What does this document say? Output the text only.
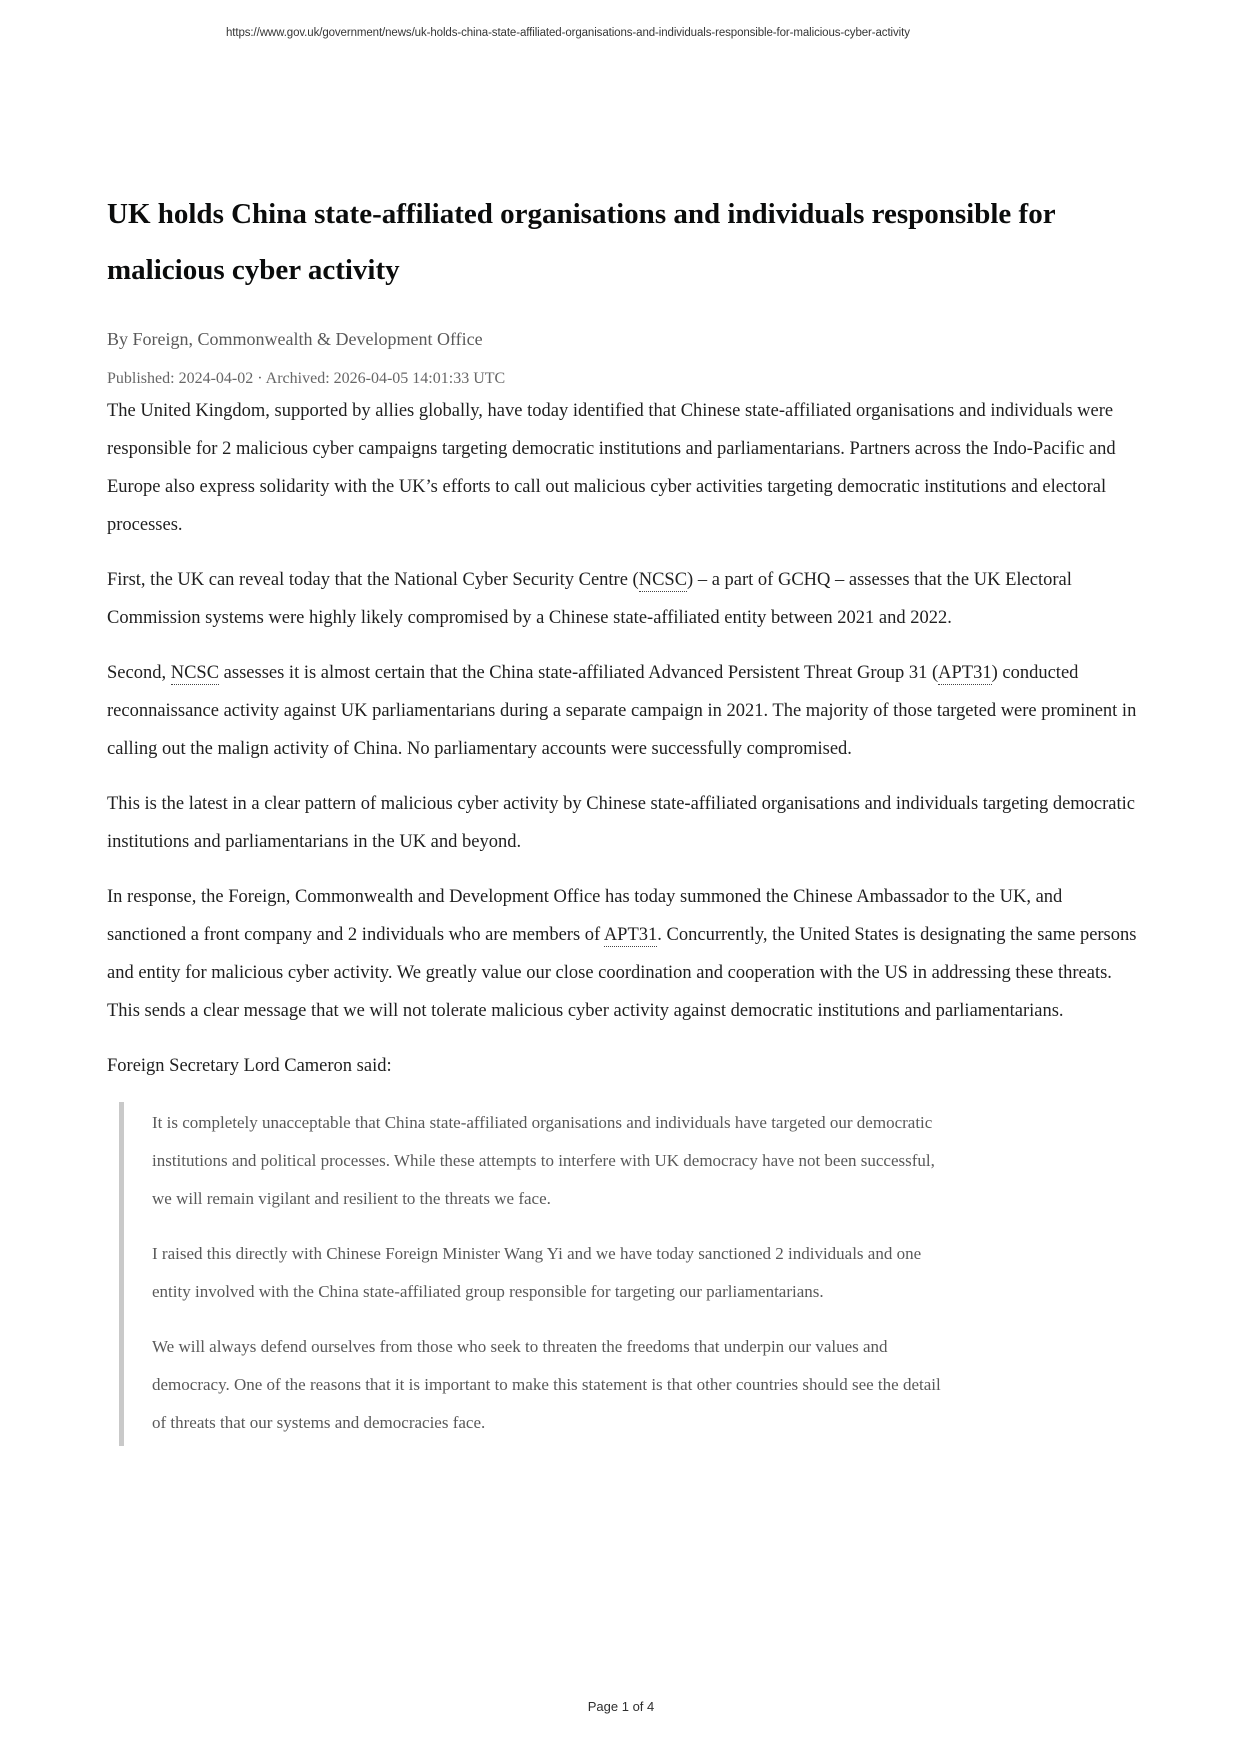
https://www.gov.uk/government/news/uk-holds-china-state-affiliated-organisations-and-individuals-responsible-for-malicious-cyber-activity
UK holds China state-affiliated organisations and individuals responsible for malicious cyber activity

By Foreign, Commonwealth & Development Office

Published: 2024-04-02 · Archived: 2026-04-05 14:01:33 UTC

The United Kingdom, supported by allies globally, have today identified that Chinese state-affiliated organisations and individuals were responsible for 2 malicious cyber campaigns targeting democratic institutions and parliamentarians. Partners across the Indo-Pacific and Europe also express solidarity with the UK’s efforts to call out malicious cyber activities targeting democratic institutions and electoral processes.

First, the UK can reveal today that the National Cyber Security Centre (NCSC) – a part of GCHQ – assesses that the UK Electoral Commission systems were highly likely compromised by a Chinese state-affiliated entity between 2021 and 2022.

Second, NCSC assesses it is almost certain that the China state-affiliated Advanced Persistent Threat Group 31 (APT31) conducted reconnaissance activity against UK parliamentarians during a separate campaign in 2021. The majority of those targeted were prominent in calling out the malign activity of China. No parliamentary accounts were successfully compromised.

This is the latest in a clear pattern of malicious cyber activity by Chinese state-affiliated organisations and individuals targeting democratic institutions and parliamentarians in the UK and beyond.

In response, the Foreign, Commonwealth and Development Office has today summoned the Chinese Ambassador to the UK, and sanctioned a front company and 2 individuals who are members of APT31. Concurrently, the United States is designating the same persons and entity for malicious cyber activity. We greatly value our close coordination and cooperation with the US in addressing these threats. This sends a clear message that we will not tolerate malicious cyber activity against democratic institutions and parliamentarians.

Foreign Secretary Lord Cameron said:

It is completely unacceptable that China state-affiliated organisations and individuals have targeted our democratic institutions and political processes. While these attempts to interfere with UK democracy have not been successful, we will remain vigilant and resilient to the threats we face.

I raised this directly with Chinese Foreign Minister Wang Yi and we have today sanctioned 2 individuals and one entity involved with the China state-affiliated group responsible for targeting our parliamentarians.

We will always defend ourselves from those who seek to threaten the freedoms that underpin our values and democracy. One of the reasons that it is important to make this statement is that other countries should see the detail of threats that our systems and democracies face.

Page 1 of 4
